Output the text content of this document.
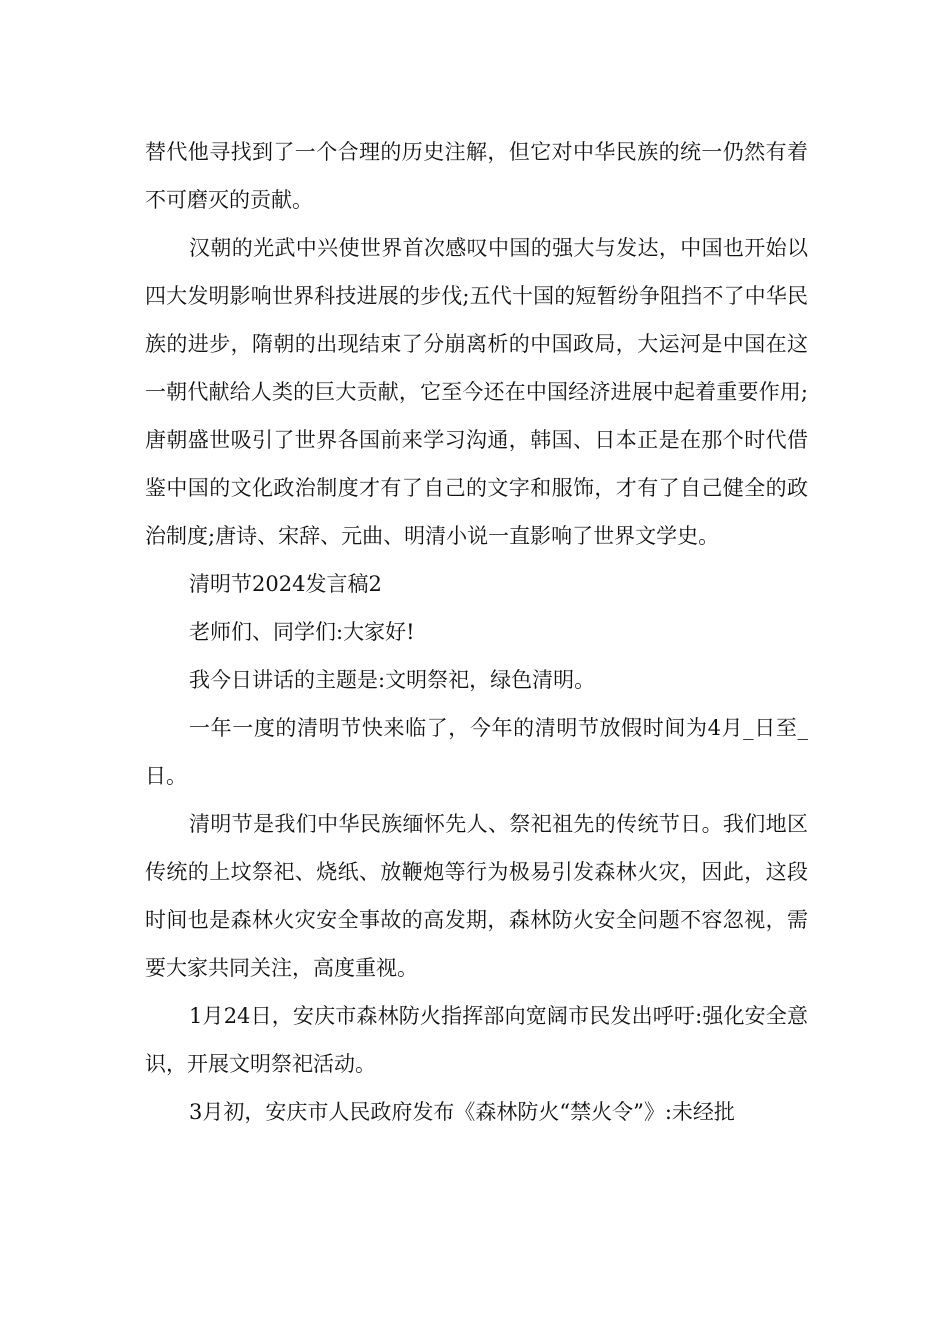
替代他寻找到了一个合理的历史注解，但它对中华民族的统一仍然有着不可磨灭的贡献。

汉朝的光武中兴使世界首次感叹中国的强大与发达，中国也开始以四大发明影响世界科技进展的步伐;五代十国的短暂纷争阻挡不了中华民族的进步，隋朝的出现结束了分崩离析的中国政局，大运河是中国在这一朝代献给人类的巨大贡献，它至今还在中国经济进展中起着重要作用;唐朝盛世吸引了世界各国前来学习沟通，韩国、日本正是在那个时代借鉴中国的文化政治制度才有了自己的文字和服饰，才有了自己健全的政治制度;唐诗、宋辞、元曲、明清小说一直影响了世界文学史。

清明节2024发言稿2

老师们、同学们:大家好!

我今日讲话的主题是:文明祭祀，绿色清明。

一年一度的清明节快来临了，今年的清明节放假时间为4月_日至_日。

清明节是我们中华民族缅怀先人、祭祀祖先的传统节日。我们地区传统的上坟祭祀、烧纸、放鞭炮等行为极易引发森林火灾，因此，这段时间也是森林火灾安全事故的高发期，森林防火安全问题不容忽视，需要大家共同关注，高度重视。

1月24日，安庆市森林防火指挥部向宽阔市民发出呼吁:强化安全意识，开展文明祭祀活动。

3月初，安庆市人民政府发布《森林防火“禁火令”》:未经批
